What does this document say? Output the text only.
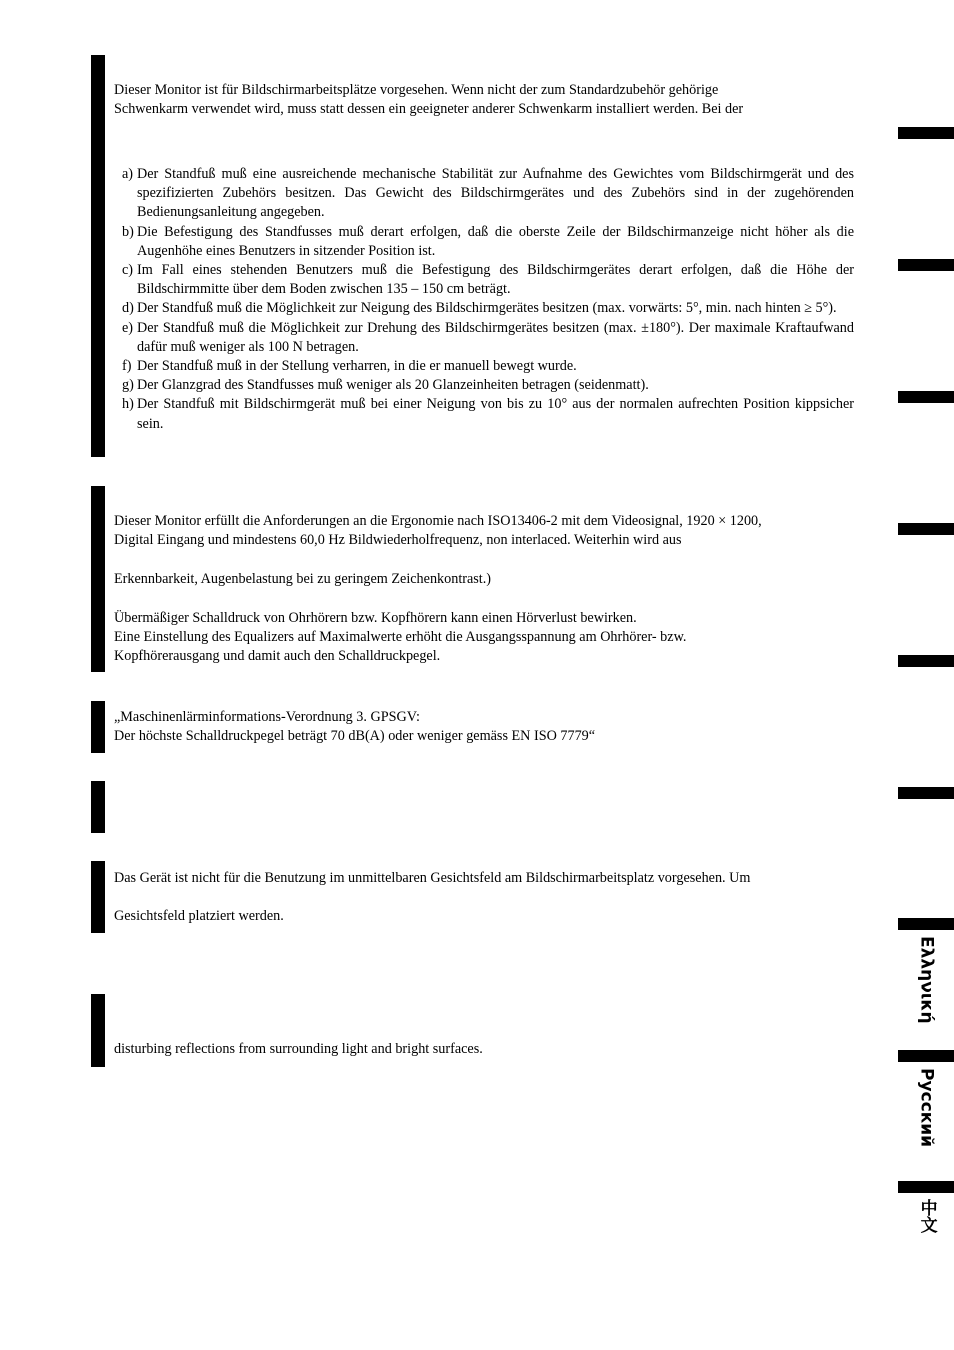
Dieser Monitor ist für Bildschirmarbeitsplätze vorgesehen. Wenn nicht der zum Standardzubehör gehörige
Schwenkarm verwendet wird, muss statt dessen ein geeigneter anderer Schwenkarm installiert werden. Bei der
a) Der Standfuß muß eine ausreichende mechanische Stabilität zur Aufnahme des Gewichtes vom Bildschirmgerät und des spezifizierten Zubehörs besitzen. Das Gewicht des Bildschirmgerätes und des Zubehörs sind in der zugehörenden Bedienungsanleitung angegeben.
b) Die Befestigung des Standfusses muß derart erfolgen, daß die oberste Zeile der Bildschirmanzeige nicht höher als die Augenhöhe eines Benutzers in sitzender Position ist.
c) Im Fall eines stehenden Benutzers muß die Befestigung des Bildschirmgerätes derart erfolgen, daß die Höhe der Bildschirmmitte über dem Boden zwischen 135 – 150 cm beträgt.
d) Der Standfuß muß die Möglichkeit zur Neigung des Bildschirmgerätes besitzen (max. vorwärts: 5°, min. nach hinten ≥ 5°).
e) Der Standfuß muß die Möglichkeit zur Drehung des Bildschirmgerätes besitzen (max. ±180°). Der maximale Kraftaufwand dafür muß weniger als 100 N betragen.
f) Der Standfuß muß in der Stellung verharren, in die er manuell bewegt wurde.
g) Der Glanzgrad des Standfusses muß weniger als 20 Glanzeinheiten betragen (seidenmatt).
h) Der Standfuß mit Bildschirmgerät muß bei einer Neigung von bis zu 10° aus der normalen aufrechten Position kippsicher sein.
Dieser Monitor erfüllt die Anforderungen an die Ergonomie nach ISO13406-2 mit dem Videosignal, 1920 × 1200,
Digital Eingang und mindestens 60,0 Hz Bildwiederholfrequenz, non interlaced. Weiterhin wird aus
Erkennbarkeit, Augenbelastung bei zu geringem Zeichenkontrast.)
Übermäßiger Schalldruck von Ohrhörern bzw. Kopfhörern kann einen Hörverlust bewirken.
Eine Einstellung des Equalizers auf Maximalwerte erhöht die Ausgangsspannung am Ohrhörer- bzw.
Kopfhörerausgang und damit auch den Schalldruckpegel.
„Maschinenlärminformations-Verordnung 3. GPSGV:
Der höchste Schalldruckpegel beträgt 70 dB(A) oder weniger gemäss EN ISO 7779“
Das Gerät ist nicht für die Benutzung im unmittelbaren Gesichtsfeld am Bildschirmarbeitsplatz vorgesehen. Um
Gesichtsfeld platziert werden.
disturbing reflections from surrounding light and bright surfaces.
Ελληνική
Русский
中文
